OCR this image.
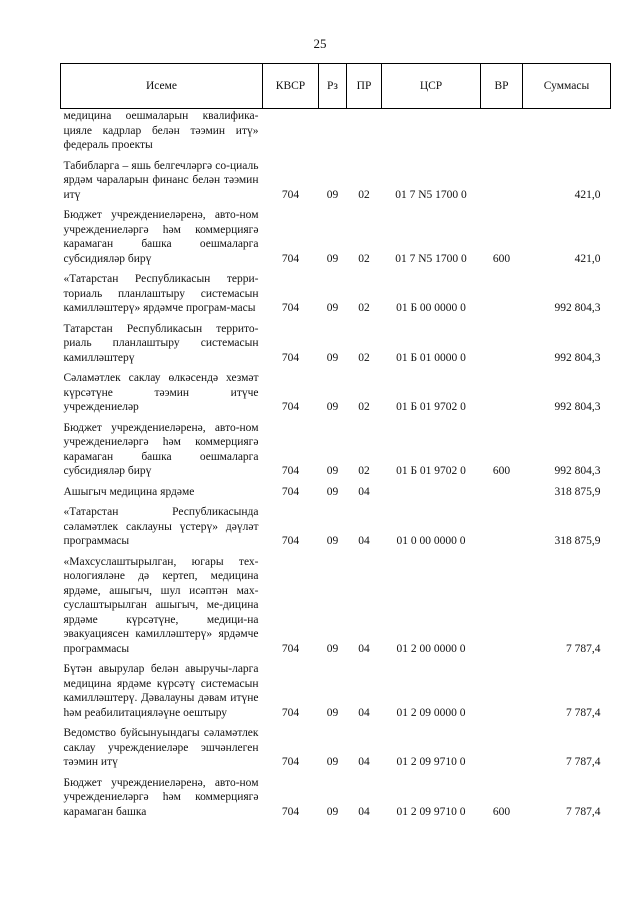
25
Исеме	КВСР	Рз	ПР	ЦСР	ВР	Суммасы
медицина оешмаларын квалифика-цияле кадрлар белән тәэмин итү» федераль проекты						
Табибларга – яшь белгечләргә со-циаль ярдәм чараларын финанс белән тәэмин итү	704	09	02	01 7 N5 1700 0		421,0
Бюджет учреждениеләренә, авто-ном учреждениеләргә һәм коммерциягә карамаган башка оешмаларга субсидияләр бирү	704	09	02	01 7 N5 1700 0	600	421,0
«Татарстан Республикасын терри-ториаль планлаштыру системасын камилләштерү» ярдәмче програм-масы	704	09	02	01 Б 00 0000 0		992 804,3
Татарстан Республикасын террито-риаль планлаштыру системасын камилләштерү	704	09	02	01 Б 01 0000 0		992 804,3
Сәламәтлек саклау өлкәсендә хезмәт күрсәтүне тәэмин итүче учреждениеләр	704	09	02	01 Б 01 9702 0		992 804,3
Бюджет учреждениеләренә, авто-ном учреждениеләргә һәм коммерциягә карамаган башка оешмаларга субсидияләр бирү	704	09	02	01 Б 01 9702 0	600	992 804,3
Ашыгыч медицина ярдәме	704	09	04			318 875,9
«Татарстан Республикасында сәламәтлек саклауны үстерү» дәүләт программасы	704	09	04	01 0 00 0000 0		318 875,9
«Махсуслаштырылган, югары тех-нологияләне дә кертеп, медицина ярдәме, ашыгыч, шул исәптән мах-суслаштырылган ашыгыч, ме-дицина ярдәме күрсәтүне, медици-на эвакуациясен камилләштерү» ярдәмче программасы	704	09	04	01 2 00 0000 0		7 787,4
Бүтән авырулар белән авыручы-ларга медицина ярдәме күрсәтү системасын камилләштерү. Дәвалауны дәвам итүне һәм реабилитацияләүне оештыру	704	09	04	01 2 09 0000 0		7 787,4
Ведомство буйсынуындагы сәламәтлек саклау учреждениеләре эшчәнлеген тәэмин итү	704	09	04	01 2 09 9710 0		7 787,4
Бюджет учреждениеләренә, авто-ном учреждениеләргә һәм коммерциягә карамаган башка	704	09	04	01 2 09 9710 0	600	7 787,4
